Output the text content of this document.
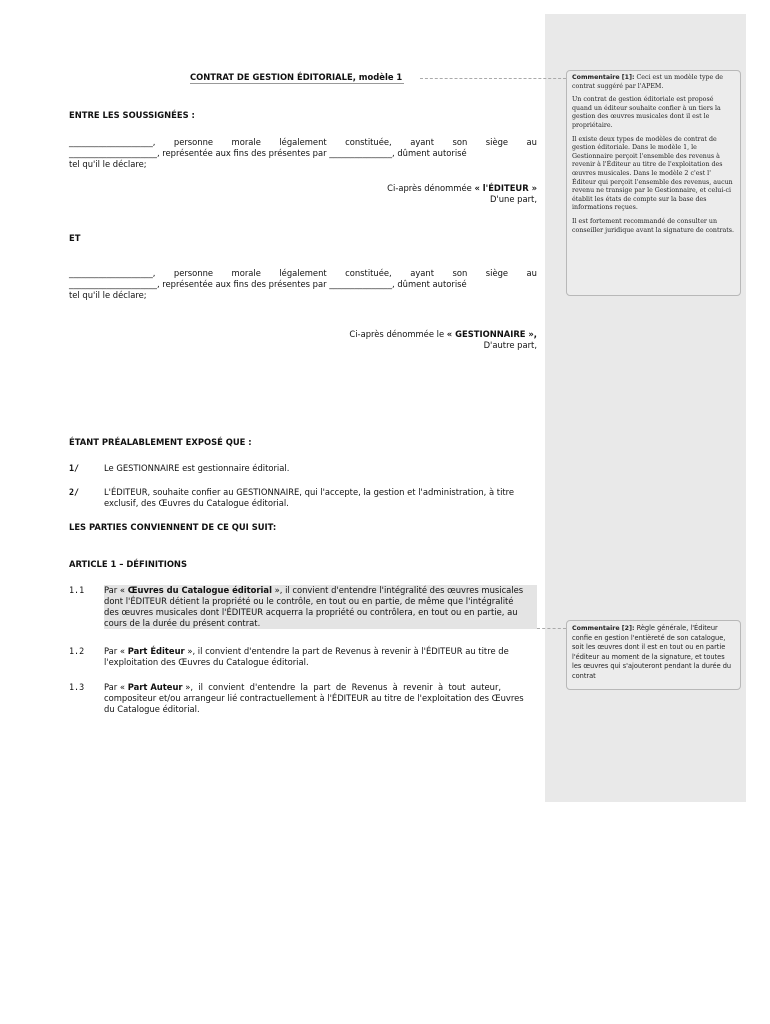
CONTRAT DE GESTION ÉDITORIALE, modèle 1
ENTRE LES SOUSSIGNÉES :
____________________,  personne  morale  légalement  constituée,  ayant  son  siège  au
_____________________, représentée aux fins des présentes par _______________, dûment autorisé
tel qu'il le déclare;
Ci-après dénommée « l'ÉDITEUR »
D'une part,
ET
____________________,  personne  morale  légalement  constituée,  ayant  son  siège  au
_____________________, représentée aux fins des présentes par _______________, dûment autorisé
tel qu'il le déclare;
Ci-après dénommée le « GESTIONNAIRE »,
D'autre part,
ÉTANT PRÉALABLEMENT EXPOSÉ QUE :
1/	Le GESTIONNAIRE est gestionnaire éditorial.
2/	L'ÉDITEUR, souhaite confier au GESTIONNAIRE, qui l'accepte, la gestion et l'administration, à titre
exclusif, des Œuvres du Catalogue éditorial.
LES PARTIES CONVIENNENT DE CE QUI SUIT:
ARTICLE 1 – DÉFINITIONS
1.1 Par « Œuvres du Catalogue éditorial », il convient d'entendre l'intégralité des œuvres musicales
dont l'ÉDITEUR détient la propriété ou le contrôle, en tout ou en partie, de même que l'intégralité
des œuvres musicales dont l'ÉDITEUR acquerra la propriété ou contrôlera, en tout ou en partie, au
cours de la durée du présent contrat.
1.2 Par « Part Éditeur », il convient d'entendre la part de Revenus à revenir à l'ÉDITEUR au titre de
l'exploitation des Œuvres du Catalogue éditorial.
1.3 Par « Part Auteur »,  il  convient  d'entendre  la  part  de  Revenus  à  revenir  à  tout  auteur,
compositeur et/ou arrangeur lié contractuellement à l'ÉDITEUR au titre de l'exploitation des Œuvres
du Catalogue éditorial.

Commentaire [1]: Ceci est un modèle type de contrat suggéré par l'APEM.

Un contrat de gestion éditoriale est proposé quand un éditeur souhaite confier à un tiers la gestion des œuvres musicales dont il est le propriétaire.

Il existe deux types de modèles de contrat de gestion éditoriale. Dans le modèle 1, le Gestionnaire perçoit l'ensemble des revenus à revenir à l'Éditeur au titre de l'exploitation des œuvres musicales. Dans le modèle 2 c'est l' Éditeur qui perçoit l'ensemble des revenus, aucun revenu ne transige par le Gestionnaire, et celui-ci établit les états de compte sur la base des informations reçues.

Il est fortement recommandé de consulter un conseiller juridique avant la signature de contrats.

Commentaire [2]: Règle générale, l'Éditeur confie en gestion l'entièreté de son catalogue, soit les œuvres dont il est en tout ou en partie l'éditeur au moment de la signature, et toutes les œuvres qui s'ajouteront pendant la durée du contrat
